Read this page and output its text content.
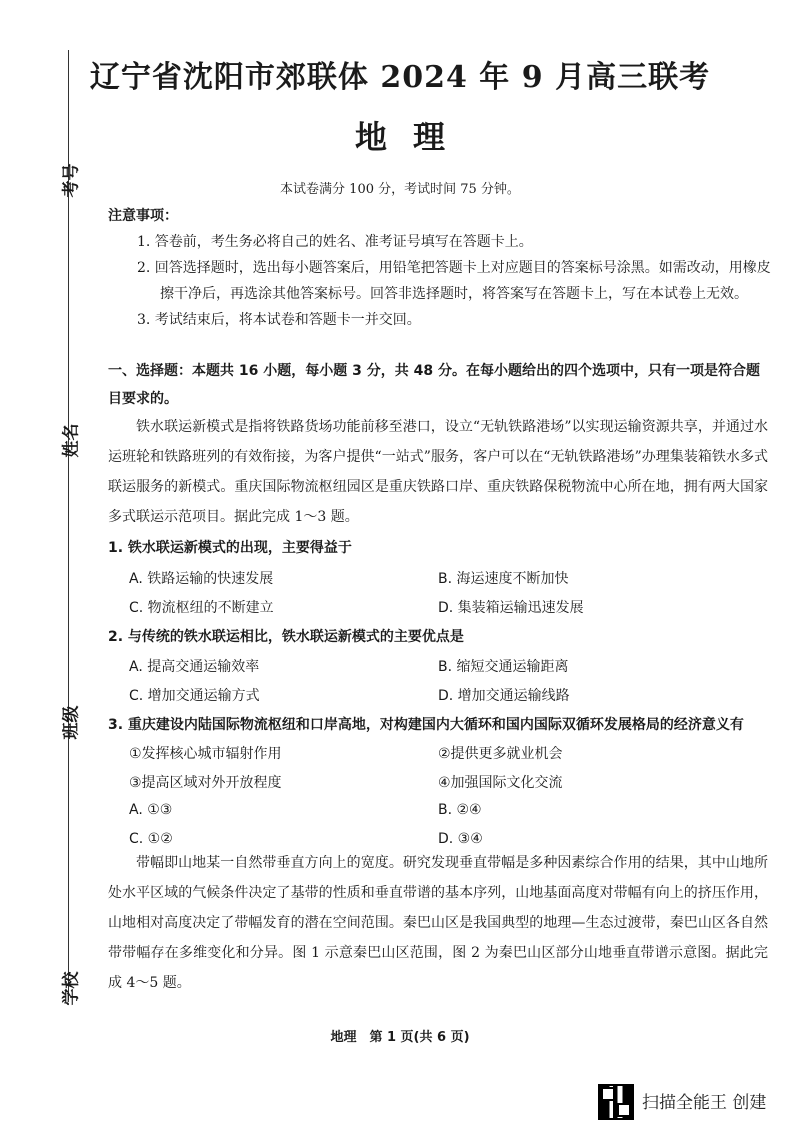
考号
姓名
班级
学校
辽宁省沈阳市郊联体 2024 年 9 月高三联考
地理
本试卷满分 100 分，考试时间 75 分钟。
注意事项：
1. 答卷前，考生务必将自己的姓名、准考证号填写在答题卡上。
2. 回答选择题时，选出每小题答案后，用铅笔把答题卡上对应题目的答案标号涂黑。如需改动，用橡皮
擦干净后，再选涂其他答案标号。回答非选择题时，将答案写在答题卡上，写在本试卷上无效。
3. 考试结束后，将本试卷和答题卡一并交回。
一、选择题：本题共 16 小题，每小题 3 分，共 48 分。在每小题给出的四个选项中，只有一项是符合题目要求的。
铁水联运新模式是指将铁路货场功能前移至港口，设立“无轨铁路港场”以实现运输资源共享，并通过水运班轮和铁路班列的有效衔接，为客户提供“一站式”服务，客户可以在“无轨铁路港场”办理集装箱铁水多式联运服务的新模式。重庆国际物流枢纽园区是重庆铁路口岸、重庆铁路保税物流中心所在地，拥有两大国家多式联运示范项目。据此完成 1～3 题。
1. 铁水联运新模式的出现，主要得益于
A. 铁路运输的快速发展	B. 海运速度不断加快
C. 物流枢纽的不断建立	D. 集装箱运输迅速发展
2. 与传统的铁水联运相比，铁水联运新模式的主要优点是
A. 提高交通运输效率	B. 缩短交通运输距离
C. 增加交通运输方式	D. 增加交通运输线路
3. 重庆建设内陆国际物流枢纽和口岸高地，对构建国内大循环和国内国际双循环发展格局的经济意义有
①发挥核心城市辐射作用	②提供更多就业机会
③提高区域对外开放程度	④加强国际文化交流
A. ①③	B. ②④
C. ①②	D. ③④
带幅即山地某一自然带垂直方向上的宽度。研究发现垂直带幅是多种因素综合作用的结果，其中山地所处水平区域的气候条件决定了基带的性质和垂直带谱的基本序列，山地基面高度对带幅有向上的挤压作用，山地相对高度决定了带幅发育的潜在空间范围。秦巴山区是我国典型的地理—生态过渡带，秦巴山区各自然带带幅存在多维变化和分异。图 1 示意秦巴山区范围，图 2 为秦巴山区部分山地垂直带谱示意图。据此完成 4～5 题。
地理　第 1 页(共 6 页)
扫描全能王 创建
